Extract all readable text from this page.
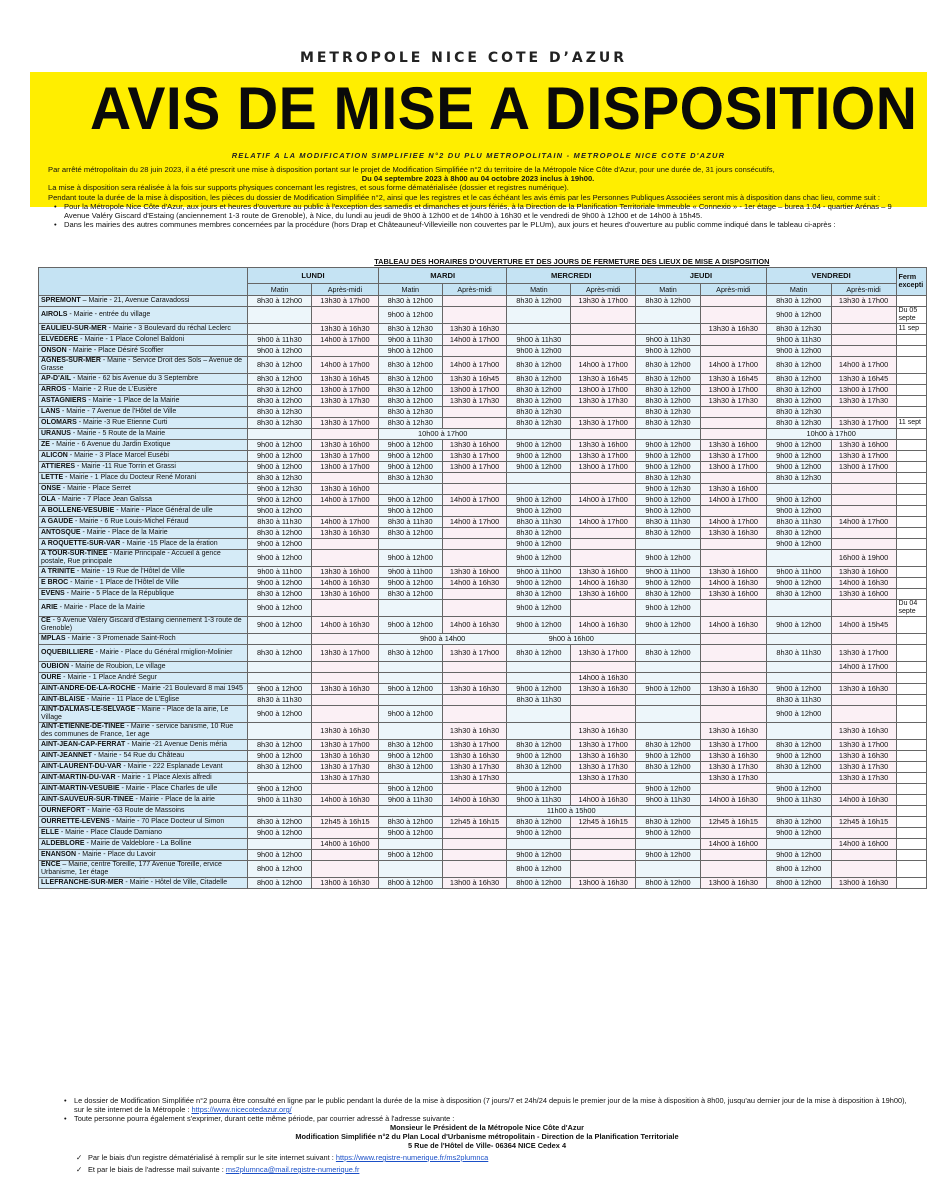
METROPOLE NICE COTE D’AZUR
AVIS DE MISE A DISPOSITION
RELATIF A LA MODIFICATION SIMPLIFIEE N°2 DU PLU METROPOLITAIN - METROPOLE NICE COTE D'AZUR

Par arrêté métropolitain du 28 juin 2023, il a été prescrit une mise à disposition portant sur le projet de Modification Simplifiée n°2 du territoire de la Métropole Nice Côte d'Azur, pour une durée de, 31 jours consécutifs,

Du 04 septembre 2023 à 8h00 au 04 octobre 2023 inclus à 19h00.

La mise à disposition sera réalisée à la fois sur supports physiques concernant les registres, et sous forme dématérialisée (dossier et registres numérique).

Pendant toute la durée de la mise à disposition, les pièces du dossier de Modification Simplifiée n°2, ainsi que les registres et le cas échéant les avis émis par les Personnes Publiques Associées seront mis à disposition dans chac lieu, comme suit :

• Pour la Métropole Nice Côte d'Azur, aux jours et heures d'ouverture au public à l'exception des samedis et dimanches et jours fériés, à la Direction de la Planification Territoriale Immeuble « Connexio » - 1er étage – burea 1.04 - quartier Arénas – 9 Avenue Valéry Giscard d'Estaing (anciennement 1-3 route de Grenoble), à Nice, du lundi au jeudi de 9h00 à 12h00 et de 14h00 à 16h30 et le vendredi de 9h00 à 12h00 et de 14h00 à 15h45.

• Dans les mairies des autres communes membres concernées par la procédure (hors Drap et Châteauneuf-Villevieille non couvertes par le PLUm), aux jours et heures d'ouverture au public comme indiqué dans le tableau ci-après :

	TABLEAU DES HORAIRES D'OUVERTURE ET DES JOURS DE FERMETURE DES LIEUX DE MISE A DISPOSITION										
	LUNDI		MARDI		MERCREDI		JEUDI		VENDREDI		Ferm excepti
	Matin	Après-midi	Matin	Après-midi	Matin	Après-midi	Matin	Après-midi	Matin	Après-midi	
SPREMONT – Mairie - 21, Avenue Caravadossi	8h30 à 12h00	13h30 à 17h00	8h30 à 12h00		8h30 à 12h00	13h30 à 17h00	8h30 à 12h00		8h30 à 12h00	13h30 à 17h00	
AIROLS - Mairie - entrée du village			9h00 à 12h00						9h00 à 12h00		Du 05 septe
EAULIEU-SUR-MER - Mairie - 3 Boulevard du réchal Leclerc		13h30 à 16h30	8h30 à 12h30	13h30 à 16h30				13h30 à 16h30	8h30 à 12h30		11 sep
ELVEDERE - Mairie - 1 Place Colonel Baldoni	9h00 à 11h30	14h00 à 17h00	9h00 à 11h30	14h00 à 17h00	9h00 à 11h30		9h00 à 11h30		9h00 à 11h30		
ONSON - Mairie - Place Désiré Scoffier	9h00 à 12h00		9h00 à 12h00		9h00 à 12h00		9h00 à 12h00		9h00 à 12h00		
AGNES-SUR-MER - Mairie - Service Droit des Sols – Avenue de Grasse	8h30 à 12h00	14h00 à 17h00	8h30 à 12h00	14h00 à 17h00	8h30 à 12h00	14h00 à 17h00	8h30 à 12h00	14h00 à 17h00	8h30 à 12h00	14h00 à 17h00	
AP-D'AIL - Mairie - 62 bis Avenue du 3 Septembre	8h30 à 12h00	13h30 à 16h45	8h30 à 12h00	13h30 à 16h45	8h30 à 12h00	13h30 à 16h45	8h30 à 12h00	13h30 à 16h45	8h30 à 12h00	13h30 à 16h45	
ARROS - Mairie - 2 Rue de L'Eusière	8h30 à 12h00	13h00 à 17h00	8h30 à 12h00	13h00 à 17h00	8h30 à 12h00	13h00 à 17h00	8h30 à 12h00	13h00 à 17h00	8h30 à 12h00	13h00 à 17h00	
ASTAGNIERS - Mairie - 1 Place de la Mairie	8h30 à 12h00	13h30 à 17h30	8h30 à 12h00	13h30 à 17h30	8h30 à 12h00	13h30 à 17h30	8h30 à 12h00	13h30 à 17h30	8h30 à 12h00	13h30 à 17h30	
LANS - Mairie - 7 Avenue de l'Hôtel de Ville	8h30 à 12h30		8h30 à 12h30		8h30 à 12h30		8h30 à 12h30		8h30 à 12h30		
OLOMARS - Mairie -3 Rue Etienne Curti	8h30 à 12h30	13h30 à 17h00	8h30 à 12h30		8h30 à 12h30	13h30 à 17h00	8h30 à 12h30		8h30 à 12h30	13h30 à 17h00	11 sept
URANUS - Mairie - 5 Route de la Mairie			10h00 à 17h00						10h00 à 17h00		
ZE - Mairie - 6 Avenue du Jardin Exotique	9h00 à 12h00	13h30 à 16h00	9h00 à 12h00	13h30 à 16h00	9h00 à 12h00	13h30 à 16h00	9h00 à 12h00	13h30 à 16h00	9h00 à 12h00	13h30 à 16h00	
ALICON - Mairie - 3 Place Marcel Eusébi	9h00 à 12h00	13h30 à 17h00	9h00 à 12h00	13h30 à 17h00	9h00 à 12h00	13h30 à 17h00	9h00 à 12h00	13h30 à 17h00	9h00 à 12h00	13h30 à 17h00	
ATTIERES - Mairie -11 Rue Torrin et Grassi	9h00 à 12h00	13h00 à 17h00	9h00 à 12h00	13h00 à 17h00	9h00 à 12h00	13h00 à 17h00	9h00 à 12h00	13h00 à 17h00	9h00 à 12h00	13h00 à 17h00	
LETTE - Mairie - 1 Place du Docteur René Morani	8h30 à 12h30		8h30 à 12h30				8h30 à 12h30		8h30 à 12h30		
ONSE - Mairie - Place Serret	9h00 à 12h30	13h30 à 16h00					9h00 à 12h30	13h30 à 16h00			
OLA - Mairie - 7 Place Jean Gaïssa	9h00 à 12h00	14h00 à 17h00	9h00 à 12h00	14h00 à 17h00	9h00 à 12h00	14h00 à 17h00	9h00 à 12h00	14h00 à 17h00	9h00 à 12h00		
A BOLLENE-VESUBIE - Mairie - Place Général de ulle	9h00 à 12h00		9h00 à 12h00		9h00 à 12h00		9h00 à 12h00		9h00 à 12h00		
A GAUDE - Mairie - 6 Rue Louis-Michel Féraud	8h30 à 11h30	14h00 à 17h00	8h30 à 11h30	14h00 à 17h00	8h30 à 11h30	14h00 à 17h00	8h30 à 11h30	14h00 à 17h00	8h30 à 11h30	14h00 à 17h00	
ANTOSQUE - Mairie - Place de la Mairie	8h30 à 12h00	13h30 à 16h30	8h30 à 12h00		8h30 à 12h00		8h30 à 12h00	13h30 à 16h30	8h30 à 12h00		
A ROQUETTE-SUR-VAR - Mairie -15 Place de la ération	9h00 à 12h00				9h00 à 12h00				9h00 à 12h00		
A TOUR-SUR-TINEE - Mairie Principale - Accueil à gence postale, Rue principale	9h00 à 12h00		9h00 à 12h00		9h00 à 12h00		9h00 à 12h00			16h00 à 19h00	
A TRINITE - Mairie - 19 Rue de l'Hôtel de Ville	9h00 à 11h00	13h30 à 16h00	9h00 à 11h00	13h30 à 16h00	9h00 à 11h00	13h30 à 16h00	9h00 à 11h00	13h30 à 16h00	9h00 à 11h00	13h30 à 16h00	
E BROC - Mairie - 1 Place de l'Hôtel de Ville	9h00 à 12h00	14h00 à 16h30	9h00 à 12h00	14h00 à 16h30	9h00 à 12h00	14h00 à 16h30	9h00 à 12h00	14h00 à 16h30	9h00 à 12h00	14h00 à 16h30	
EVENS - Mairie - 5 Place de la République	8h30 à 12h00	13h30 à 16h00	8h30 à 12h00		8h30 à 12h00	13h30 à 16h00	8h30 à 12h00	13h30 à 16h00	8h30 à 12h00	13h30 à 16h00	
ARIE - Mairie - Place de la Mairie	9h00 à 12h00				9h00 à 12h00		9h00 à 12h00				Du 04 septe
CE - 9 Avenue Valéry Giscard d'Estaing ciennement 1-3 route de Grenoble)	9h00 à 12h00	14h00 à 16h30	9h00 à 12h00	14h00 à 16h30	9h00 à 12h00	14h00 à 16h30	9h00 à 12h00	14h00 à 16h30	9h00 à 12h00	14h00 à 15h45	
MPLAS - Mairie - 3 Promenade Saint-Roch			9h00 à 14h00		9h00 à 16h00						
OQUEBILLIERE - Mairie - Place du Général rmiglion-Molinier	8h30 à 12h00	13h30 à 17h00	8h30 à 12h00	13h30 à 17h00	8h30 à 12h00	13h30 à 17h00	8h30 à 12h00		8h30 à 11h30	13h30 à 17h00	
OUBION - Mairie de Roubion, Le village										14h00 à 17h00	
OURE - Mairie - 1 Place André Segur						14h00 à 16h30					
AINT-ANDRE-DE-LA-ROCHE - Mairie -21 Boulevard 8 mai 1945	9h00 à 12h00	13h30 à 16h30	9h00 à 12h00	13h30 à 16h30	9h00 à 12h00	13h30 à 16h30	9h00 à 12h00	13h30 à 16h30	9h00 à 12h00	13h30 à 16h30	
AINT-BLAISE - Mairie - 11 Place de L'Eglise	8h30 à 11h30				8h30 à 11h30				8h30 à 11h30		
AINT-DALMAS-LE-SELVAGE - Mairie - Place de la airie, Le Village	9h00 à 12h00		9h00 à 12h00						9h00 à 12h00		
AINT-ETIENNE-DE-TINEE - Mairie - service banisme, 10 Rue des communes de France, 1er age		13h30 à 16h30		13h30 à 16h30		13h30 à 16h30		13h30 à 16h30		13h30 à 16h30	
AINT-JEAN-CAP-FERRAT - Mairie -21 Avenue Denis méria	8h30 à 12h00	13h30 à 17h00	8h30 à 12h00	13h30 à 17h00	8h30 à 12h00	13h30 à 17h00	8h30 à 12h00	13h30 à 17h00	8h30 à 12h00	13h30 à 17h00	
AINT-JEANNET - Mairie - 54 Rue du Château	9h00 à 12h00	13h30 à 16h30	9h00 à 12h00	13h30 à 16h30	9h00 à 12h00	13h30 à 16h30	9h00 à 12h00	13h30 à 16h30	9h00 à 12h00	13h30 à 16h30	
AINT-LAURENT-DU-VAR - Mairie - 222 Esplanade Levant	8h30 à 12h00	13h30 à 17h30	8h30 à 12h00	13h30 à 17h30	8h30 à 12h00	13h30 à 17h30	8h30 à 12h00	13h30 à 17h30	8h30 à 12h00	13h30 à 17h30	
AINT-MARTIN-DU-VAR - Mairie - 1 Place Alexis alfredi		13h30 à 17h30		13h30 à 17h30		13h30 à 17h30		13h30 à 17h30		13h30 à 17h30	
AINT-MARTIN-VESUBIE - Mairie - Place Charles de ulle	9h00 à 12h00		9h00 à 12h00		9h00 à 12h00		9h00 à 12h00		9h00 à 12h00		
AINT-SAUVEUR-SUR-TINEE - Mairie - Place de la airie	9h00 à 11h30	14h00 à 16h30	9h00 à 11h30	14h00 à 16h30	9h00 à 11h30	14h00 à 16h30	9h00 à 11h30	14h00 à 16h30	9h00 à 11h30	14h00 à 16h30	
OURNEFORT - Mairie -63 Route de Massoins					11h00 à 15h00						
OURRETTE-LEVENS - Mairie - 70 Place Docteur ul Simon	8h30 à 12h00	12h45 à 16h15	8h30 à 12h00	12h45 à 16h15	8h30 à 12h00	12h45 à 16h15	8h30 à 12h00	12h45 à 16h15	8h30 à 12h00	12h45 à 16h15	
ELLE - Mairie - Place Claude Damiano	9h00 à 12h00		9h00 à 12h00		9h00 à 12h00		9h00 à 12h00		9h00 à 12h00		
ALDEBLORE - Mairie de Valdeblore - La Bolline		14h00 à 16h00						14h00 à 16h00		14h00 à 16h00	
ENANSON - Mairie - Place du Lavoir	9h00 à 12h00		9h00 à 12h00		9h00 à 12h00		9h00 à 12h00		9h00 à 12h00		
ENCE – Mairie, centre Toreille, 177 Avenue Toreille, ervice Urbanisme, 1er étage	8h00 à 12h00				8h00 à 12h00				8h00 à 12h00		
LLEFRANCHE-SUR-MER - Mairie - Hôtel de Ville, Citadelle	8h00 à 12h00	13h00 à 16h30	8h00 à 12h00	13h00 à 16h30	8h00 à 12h00	13h00 à 16h30	8h00 à 12h00	13h00 à 16h30	8h00 à 12h00	13h00 à 16h30	

• Le dossier de Modification Simplifiée n°2 pourra être consulté en ligne par le public pendant la durée de la mise à disposition (7 jours/7 et 24h/24 depuis le premier jour de la mise à disposition à 8h00, jusqu'au dernier jour de la mise à disposition à 19h00), sur le site internet de la Métropole : https://www.nicecotedazur.org/

• Toute personne pourra également s'exprimer, durant cette même période, par courrier adressé à l'adresse suivante :

Monsieur le Président de la Métropole Nice Côte d'Azur

Modification Simplifiée n°2 du Plan Local d'Urbanisme métropolitain - Direction de la Planification Territoriale

5 Rue de l'Hôtel de Ville- 06364 NICE Cedex 4

✓ Par le biais d'un registre dématérialisé à remplir sur le site internet suivant : https://www.registre-numerique.fr/ms2plumnca

✓ Et par le biais de l'adresse mail suivante : ms2plumnca@mail.registre-numerique.fr
